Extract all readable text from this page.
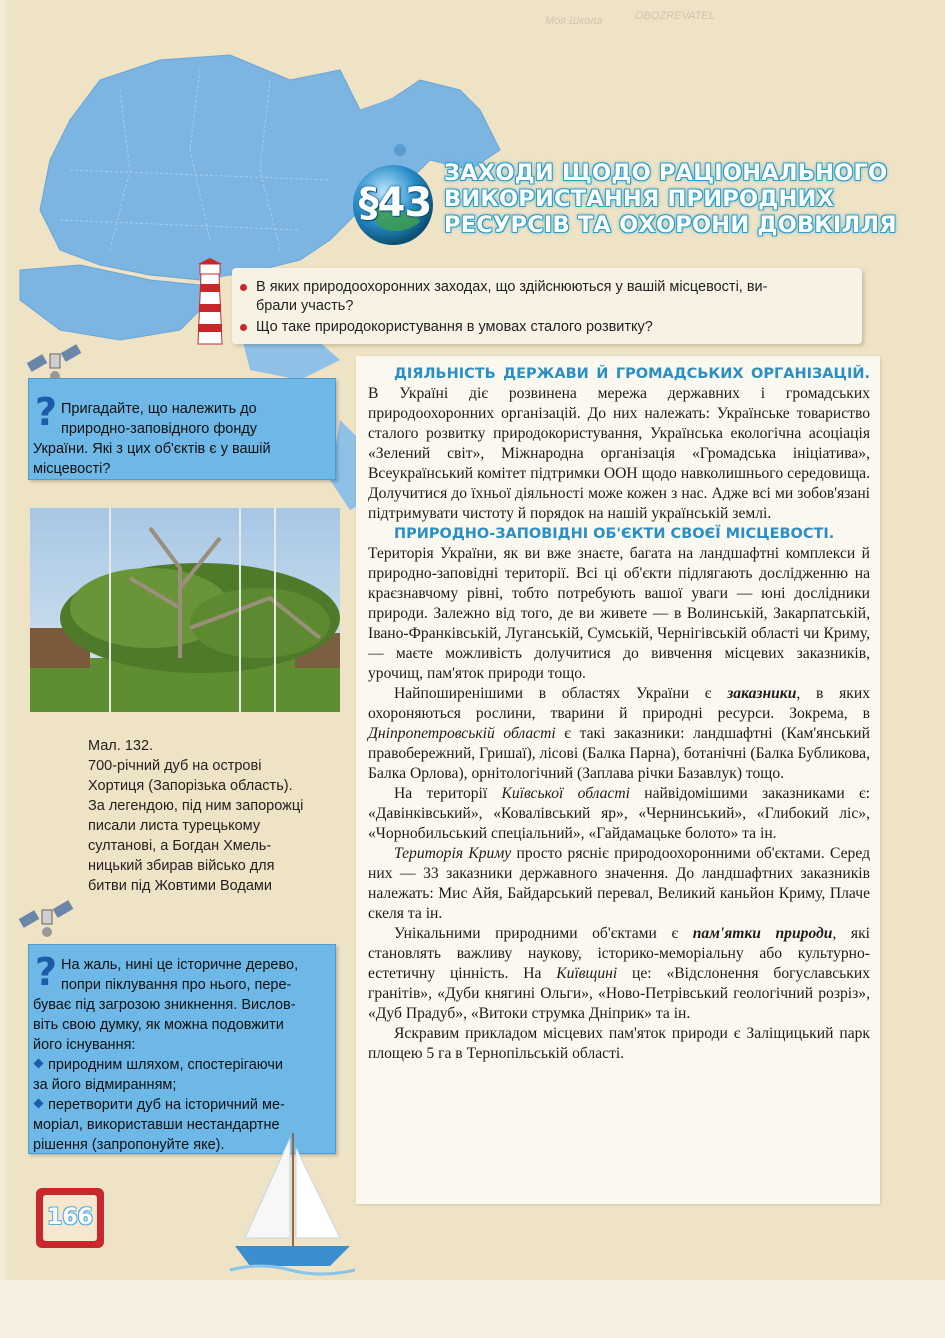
§43
ЗАХОДИ ЩОДО РАЦІОНАЛЬНОГО
ВИКОРИСТАННЯ ПРИРОДНИХ
РЕСУРСІВ ТА ОХОРОНИ ДОВКІЛЛЯ
В яких природоохоронних заходах, що здійснюються у вашій місцевості, ви-
брали участь?
Що таке природокористування в умовах сталого розвитку?
? Пригадайте, що належить до
природно-заповідного фонду
України. Які з цих об'єктів є у вашій
місцевості?
Мал. 132.
700-річний дуб на острові
Хортиця (Запорізька область).
За легендою, під ним запорожці
писали листа турецькому
султанові, а Богдан Хмель-
ницький збирав військо для
битви під Жовтими Водами
? На жаль, нині це історичне дерево,
попри піклування про нього, пере-
буває під загрозою зникнення. Вислов-
віть свою думку, як можна подовжити
його існування:
природним шляхом, спостерігаючи
за його відмиранням;
перетворити дуб на історичний ме-
моріал, використавши нестандартне
рішення (запропонуйте яке).

ДІЯЛЬНІСТЬ ДЕРЖАВИ Й ГРОМАДСЬКИХ ОРГАНІЗАЦІЙ. В Україні діє розвинена мережа державних і громадських природоохоронних організацій. До них належать: Українське товариство сталого розвитку природокористування, Українська екологічна асоціація «Зелений світ», Міжнародна організація «Громадська ініціатива», Всеукраїнський комітет підтримки ООН щодо навколишнього середовища. Долучитися до їхньої діяльності може кожен з нас. Адже всі ми зобов'язані підтримувати чистоту й порядок на нашій українській землі.

ПРИРОДНО-ЗАПОВІДНІ ОБ'ЄКТИ СВОЄЇ МІСЦЕВОСТІ.

Територія України, як ви вже знаєте, багата на ландшафтні комплекси й природно-заповідні території. Всі ці об'єкти підлягають дослідженню на краєзнавчому рівні, тобто потребують вашої уваги — юні дослідники природи. Залежно від того, де ви живете — в Волинській, Закарпатській, Івано-Франківській, Луганській, Сумській, Чернігівській області чи Криму, — маєте можливість долучитися до вивчення місцевих заказників, урочищ, пам'яток природи тощо.

Найпоширенішими в областях України є заказники, в яких охороняються рослини, тварини й природні ресурси. Зокрема, в Дніпропетровській області є такі заказники: ландшафтні (Кам'янський правобережний, Гришаї), лісові (Балка Парна), ботанічні (Балка Бубликова, Балка Орлова), орнітологічний (Заплава річки Базавлук) тощо.

На території Київської області найвідомішими заказниками є: «Давінківський», «Ковалівський яр», «Чернинський», «Глибокий ліс», «Чорнобильський спеціальний», «Гайдамацьке болото» та ін.

Територія Криму просто рясніє природоохоронними об'єктами. Серед них — 33 заказники державного значення. До ландшафтних заказників належать: Мис Айя, Байдарський перевал, Великий каньйон Криму, Плаче скеля та ін.

Унікальними природними об'єктами є пам'ятки природи, які становлять важливу наукову, історико-меморіальну або культурно-естетичну цінність. На Київщині це: «Відслонення богуславських гранітів», «Дуби княгині Ольги», «Ново-Петрівський геологічний розріз», «Дуб Прадуб», «Витоки струмка Дніприк» та ін.

Яскравим прикладом місцевих пам'яток природи є Заліщицький парк площею 5 га в Тернопільській області.

166
Моя Школа	OBOZREVATEL
